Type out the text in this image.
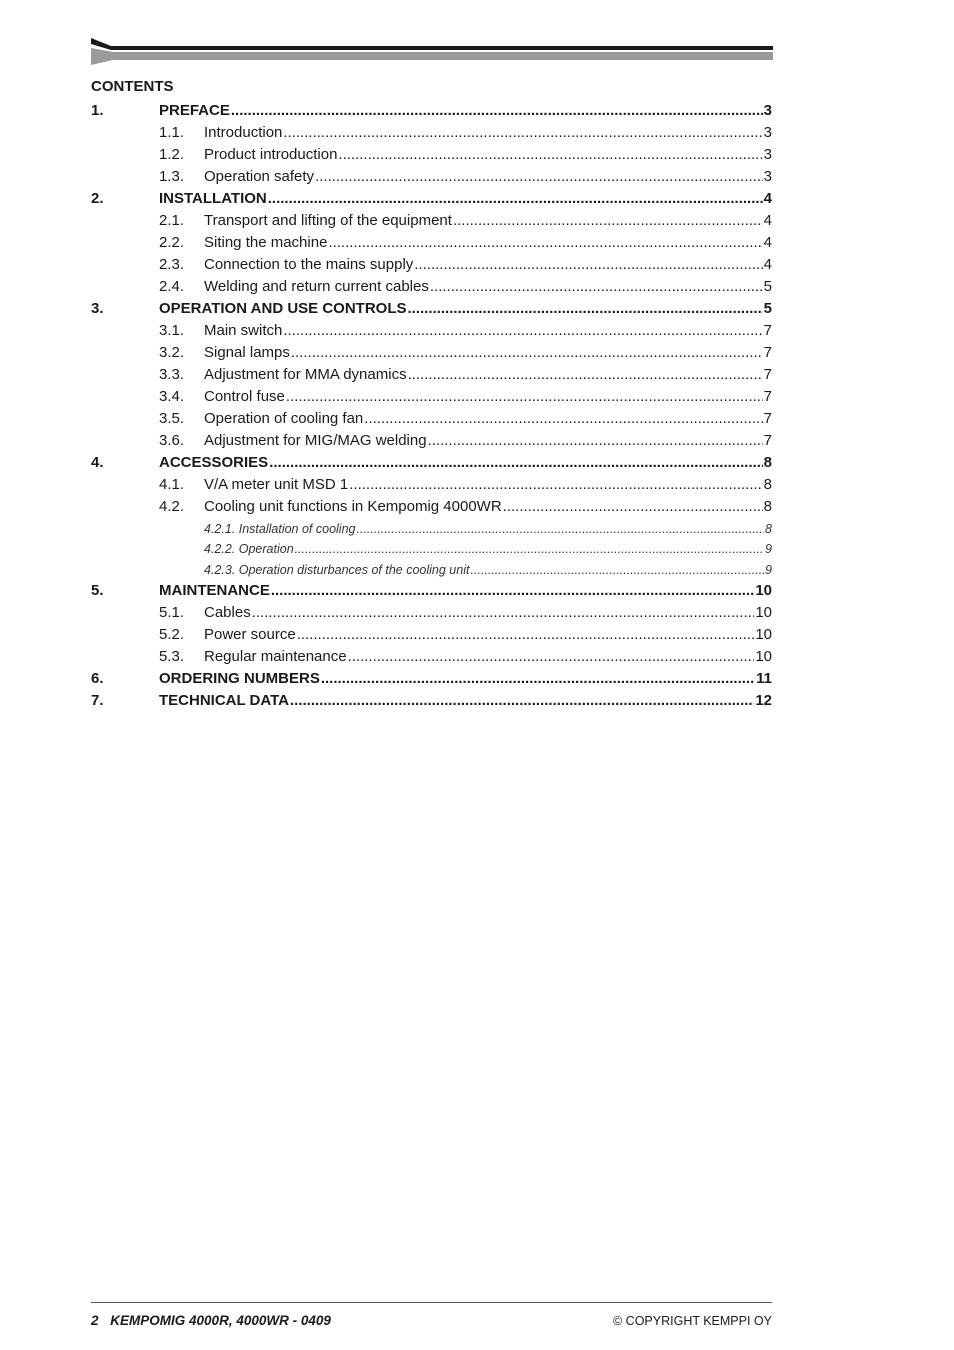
CONTENTS
1.	PREFACE .....	3
1.1.	Introduction .....	3
1.2.	Product introduction .....	3
1.3.	Operation safety .....	3
2.	INSTALLATION .....	4
2.1.	Transport and lifting of the equipment .....	4
2.2.	Siting the machine .....	4
2.3.	Connection to the mains supply .....	4
2.4.	Welding and return current cables .....	5
3.	OPERATION AND USE CONTROLS .....	5
3.1.	Main switch .....	7
3.2.	Signal lamps .....	7
3.3.	Adjustment for MMA dynamics .....	7
3.4.	Control fuse .....	7
3.5.	Operation of cooling fan .....	7
3.6.	Adjustment for MIG/MAG welding .....	7
4.	ACCESSORIES .....	8
4.1.	V/A meter unit MSD 1 .....	8
4.2.	Cooling unit functions in Kempomig 4000WR .....	8
4.2.1. Installation of cooling .....	8
4.2.2. Operation .....	9
4.2.3. Operation disturbances of the cooling unit .....	9
5.	MAINTENANCE .....	10
5.1.	Cables .....	10
5.2.	Power source .....	10
5.3.	Regular maintenance .....	10
6.	ORDERING NUMBERS .....	11
7.	TECHNICAL DATA .....	12
2 KEMPOMIG 4000R, 4000WR - 0409	© COPYRIGHT KEMPPI OY
